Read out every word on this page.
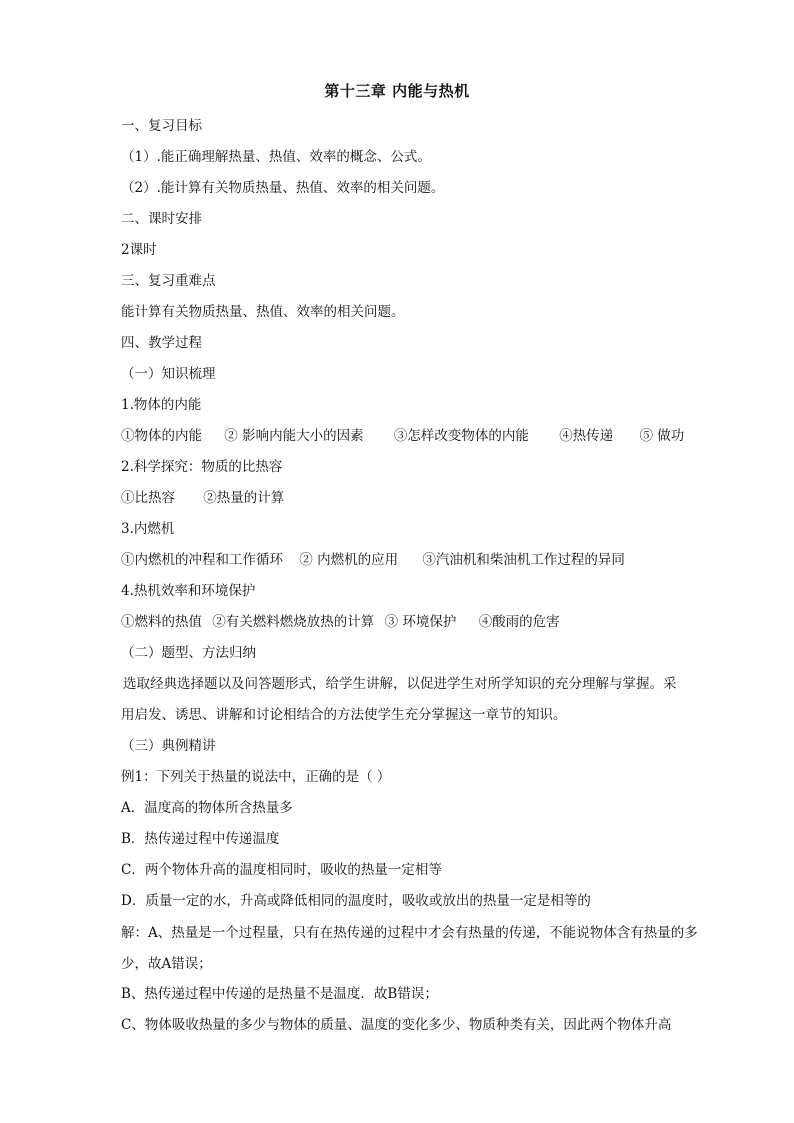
第十三章 内能与热机
一、复习目标
（1）.能正确理解热量、热值、效率的概念、公式。
（2）.能计算有关物质热量、热值、效率的相关问题。
二、课时安排
2课时
三、复习重难点
能计算有关物质热量、热值、效率的相关问题。
四、教学过程
（一）知识梳理
1.物体的内能
①物体的内能 ② 影响内能大小的因素 ③怎样改变物体的内能 ④热传递 ⑤ 做功
2.科学探究：物质的比热容
①比热容 ②热量的计算
3.内燃机
①内燃机的冲程和工作循环 ② 内燃机的应用 ③汽油机和柴油机工作过程的异同
4.热机效率和环境保护
①燃料的热值 ②有关燃料燃烧放热的计算 ③ 环境保护 ④酸雨的危害
（二）题型、方法归纳
选取经典选择题以及问答题形式，给学生讲解，以促进学生对所学知识的充分理解与掌握。采用启发、诱思、讲解和讨论相结合的方法使学生充分掌握这一章节的知识。
（三）典例精讲
例1：下列关于热量的说法中，正确的是（ ）
A．温度高的物体所含热量多
B．热传递过程中传递温度
C．两个物体升高的温度相同时，吸收的热量一定相等
D．质量一定的水，升高或降低相同的温度时，吸收或放出的热量一定是相等的
解：A、热量是一个过程量，只有在热传递的过程中才会有热量的传递，不能说物体含有热量的多少，故A错误；
B、热传递过程中传递的是热量不是温度．故B错误；
C、物体吸收热量的多少与物体的质量、温度的变化多少、物质种类有关，因此两个物体升高
